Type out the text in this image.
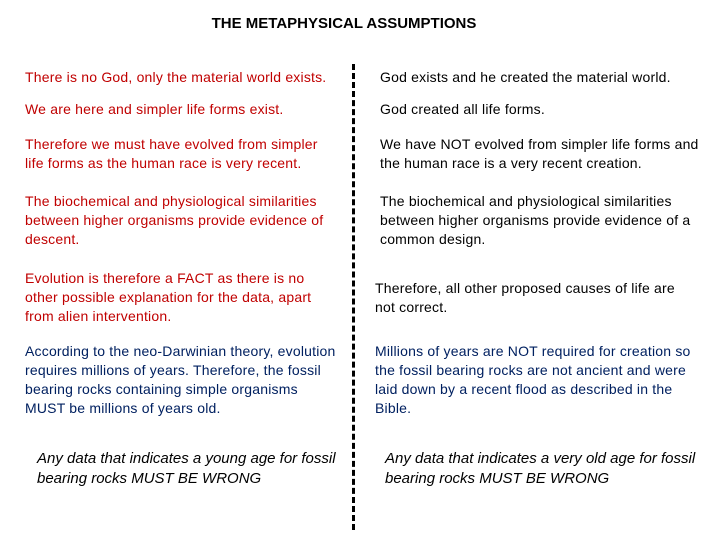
THE METAPHYSICAL ASSUMPTIONS
There is no God, only the material world exists.
We are here and simpler life forms exist.
Therefore we must have evolved from simpler life forms as the human race is very recent.
The biochemical and physiological similarities between higher organisms provide evidence of descent.
Evolution is therefore a FACT as there is no other possible explanation for the data, apart from alien intervention.
According to the neo-Darwinian theory, evolution requires millions of years. Therefore, the fossil bearing rocks containing simple organisms MUST be millions of years old.
God exists and he created the material world.
God created all life forms.
We have NOT evolved from simpler life forms and the human race is a very recent creation.
The biochemical and physiological similarities between higher organisms provide evidence of a common design.
Therefore, all other proposed causes of life are not correct.
Millions of years are NOT required for creation so the fossil bearing rocks are not ancient and were laid down by a recent flood as described in the Bible.
Any data that indicates a young age for fossil bearing rocks MUST BE WRONG
Any data that indicates a very old age for fossil bearing rocks MUST BE WRONG
